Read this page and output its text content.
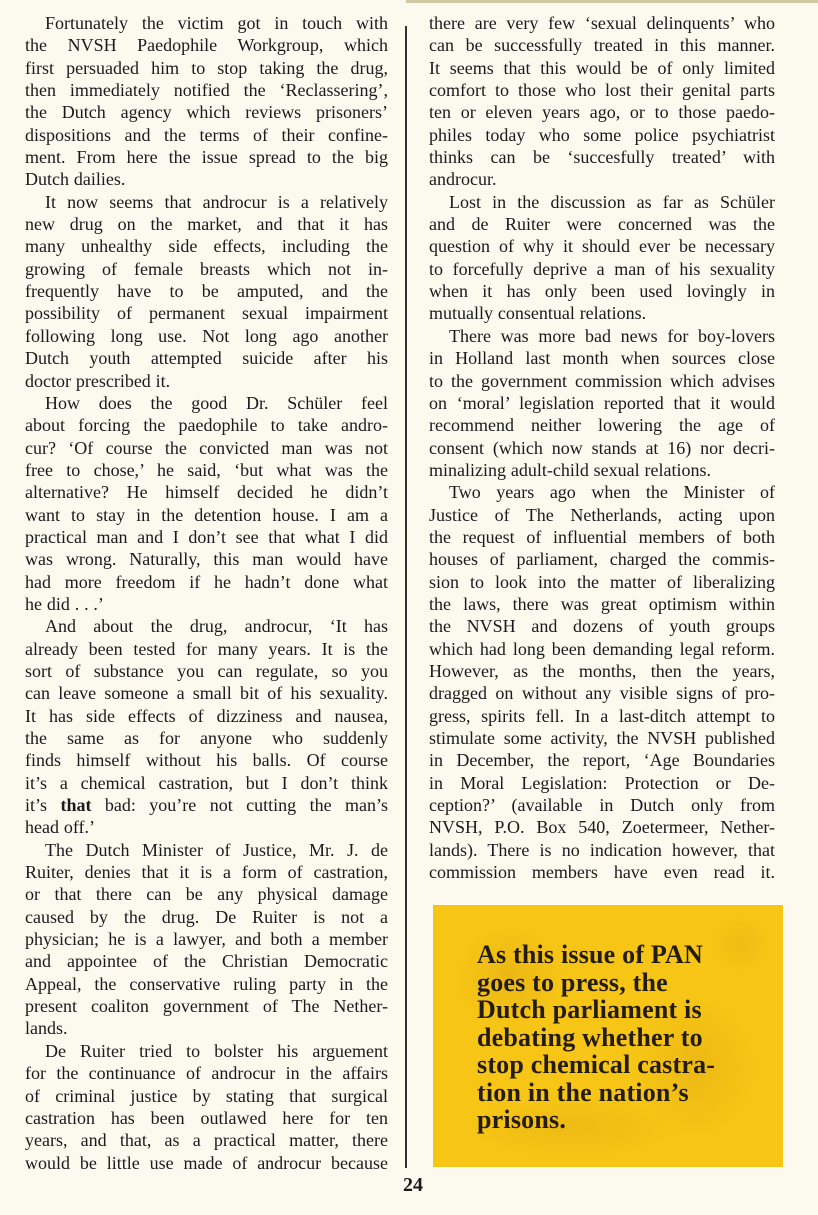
Fortunately the victim got in touch with
the NVSH Paedophile Workgroup, which
first persuaded him to stop taking the drug,
then immediately notified the ‘Reclassering’,
the Dutch agency which reviews prisoners’
dispositions and the terms of their confine-
ment. From here the issue spread to the big
Dutch dailies.
It now seems that androcur is a relatively
new drug on the market, and that it has
many unhealthy side effects, including the
growing of female breasts which not in-
frequently have to be amputed, and the
possibility of permanent sexual impairment
following long use. Not long ago another
Dutch youth attempted suicide after his
doctor prescribed it.
How does the good Dr. Schüler feel
about forcing the paedophile to take andro-
cur? ‘Of course the convicted man was not
free to chose,’ he said, ‘but what was the
alternative? He himself decided he didn’t
want to stay in the detention house. I am a
practical man and I don’t see that what I did
was wrong. Naturally, this man would have
had more freedom if he hadn’t done what
he did . . .’
And about the drug, androcur, ‘It has
already been tested for many years. It is the
sort of substance you can regulate, so you
can leave someone a small bit of his sexuality.
It has side effects of dizziness and nausea,
the same as for anyone who suddenly
finds himself without his balls. Of course
it’s a chemical castration, but I don’t think
it’s that bad: you’re not cutting the man’s
head off.’
The Dutch Minister of Justice, Mr. J. de
Ruiter, denies that it is a form of castration,
or that there can be any physical damage
caused by the drug. De Ruiter is not a
physician; he is a lawyer, and both a member
and appointee of the Christian Democratic
Appeal, the conservative ruling party in the
present coaliton government of The Nether-
lands.
De Ruiter tried to bolster his arguement
for the continuance of androcur in the affairs
of criminal justice by stating that surgical
castration has been outlawed here for ten
years, and that, as a practical matter, there
would be little use made of androcur because
there are very few ‘sexual delinquents’ who
can be successfully treated in this manner.
It seems that this would be of only limited
comfort to those who lost their genital parts
ten or eleven years ago, or to those paedo-
philes today who some police psychiatrist
thinks can be ‘succesfully treated’ with
androcur.
Lost in the discussion as far as Schüler
and de Ruiter were concerned was the
question of why it should ever be necessary
to forcefully deprive a man of his sexuality
when it has only been used lovingly in
mutually consentual relations.
There was more bad news for boy-lovers
in Holland last month when sources close
to the government commission which advises
on ‘moral’ legislation reported that it would
recommend neither lowering the age of
consent (which now stands at 16) nor decri-
minalizing adult-child sexual relations.
Two years ago when the Minister of
Justice of The Netherlands, acting upon
the request of influential members of both
houses of parliament, charged the commis-
sion to look into the matter of liberalizing
the laws, there was great optimism within
the NVSH and dozens of youth groups
which had long been demanding legal reform.
However, as the months, then the years,
dragged on without any visible signs of pro-
gress, spirits fell. In a last-ditch attempt to
stimulate some activity, the NVSH published
in December, the report, ‘Age Boundaries
in Moral Legislation: Protection or De-
ception?’ (available in Dutch only from
NVSH, P.O. Box 540, Zoetermeer, Nether-
lands). There is no indication however, that
commission members have even read it.
As this issue of PAN
goes to press, the
Dutch parliament is
debating whether to
stop chemical castra-
tion in the nation’s
prisons.
24
